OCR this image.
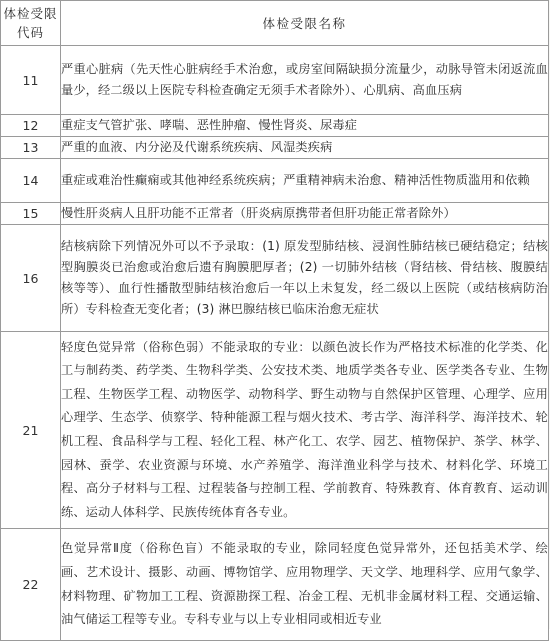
体检受限代码	体检受限名称
11	严重心脏病（先天性心脏病经手术治愈，或房室间隔缺损分流量少，动脉导管未闭返流血量少，经二级以上医院专科检查确定无须手术者除外）、心肌病、高血压病
12	重症支气管扩张、哮喘、恶性肿瘤、慢性肾炎、尿毒症
13	严重的血液、内分泌及代谢系统疾病、风湿类疾病
14	重症或难治性癫痫或其他神经系统疾病；严重精神病未治愈、精神活性物质滥用和依赖
15	慢性肝炎病人且肝功能不正常者（肝炎病原携带者但肝功能正常者除外）
16	结核病除下列情况外可以不予录取：(1) 原发型肺结核、浸润性肺结核已硬结稳定；结核型胸膜炎已治愈或治愈后遗有胸膜肥厚者；(2) 一切肺外结核（肾结核、骨结核、腹膜结核等等）、血行性播散型肺结核治愈后一年以上未复发，经二级以上医院（或结核病防治所）专科检查无变化者；(3) 淋巴腺结核已临床治愈无症状
21	轻度色觉异常（俗称色弱）不能录取的专业：以颜色波长作为严格技术标准的化学类、化工与制药类、药学类、生物科学类、公安技术类、地质学类各专业、医学类各专业、生物工程、生物医学工程、动物医学、动物科学、野生动物与自然保护区管理、心理学、应用心理学、生态学、侦察学、特种能源工程与烟火技术、考古学、海洋科学、海洋技术、轮机工程、食品科学与工程、轻化工程、林产化工、农学、园艺、植物保护、茶学、林学、园林、蚕学、农业资源与环境、水产养殖学、海洋渔业科学与技术、材料化学、环境工程、高分子材料与工程、过程装备与控制工程、学前教育、特殊教育、体育教育、运动训练、运动人体科学、民族传统体育各专业。
22	色觉异常Ⅱ度（俗称色盲）不能录取的专业，除同轻度色觉异常外，还包括美术学、绘画、艺术设计、摄影、动画、博物馆学、应用物理学、天文学、地理科学、应用气象学、材料物理、矿物加工工程、资源勘探工程、冶金工程、无机非金属材料工程、交通运输、油气储运工程等专业。专科专业与以上专业相同或相近专业
